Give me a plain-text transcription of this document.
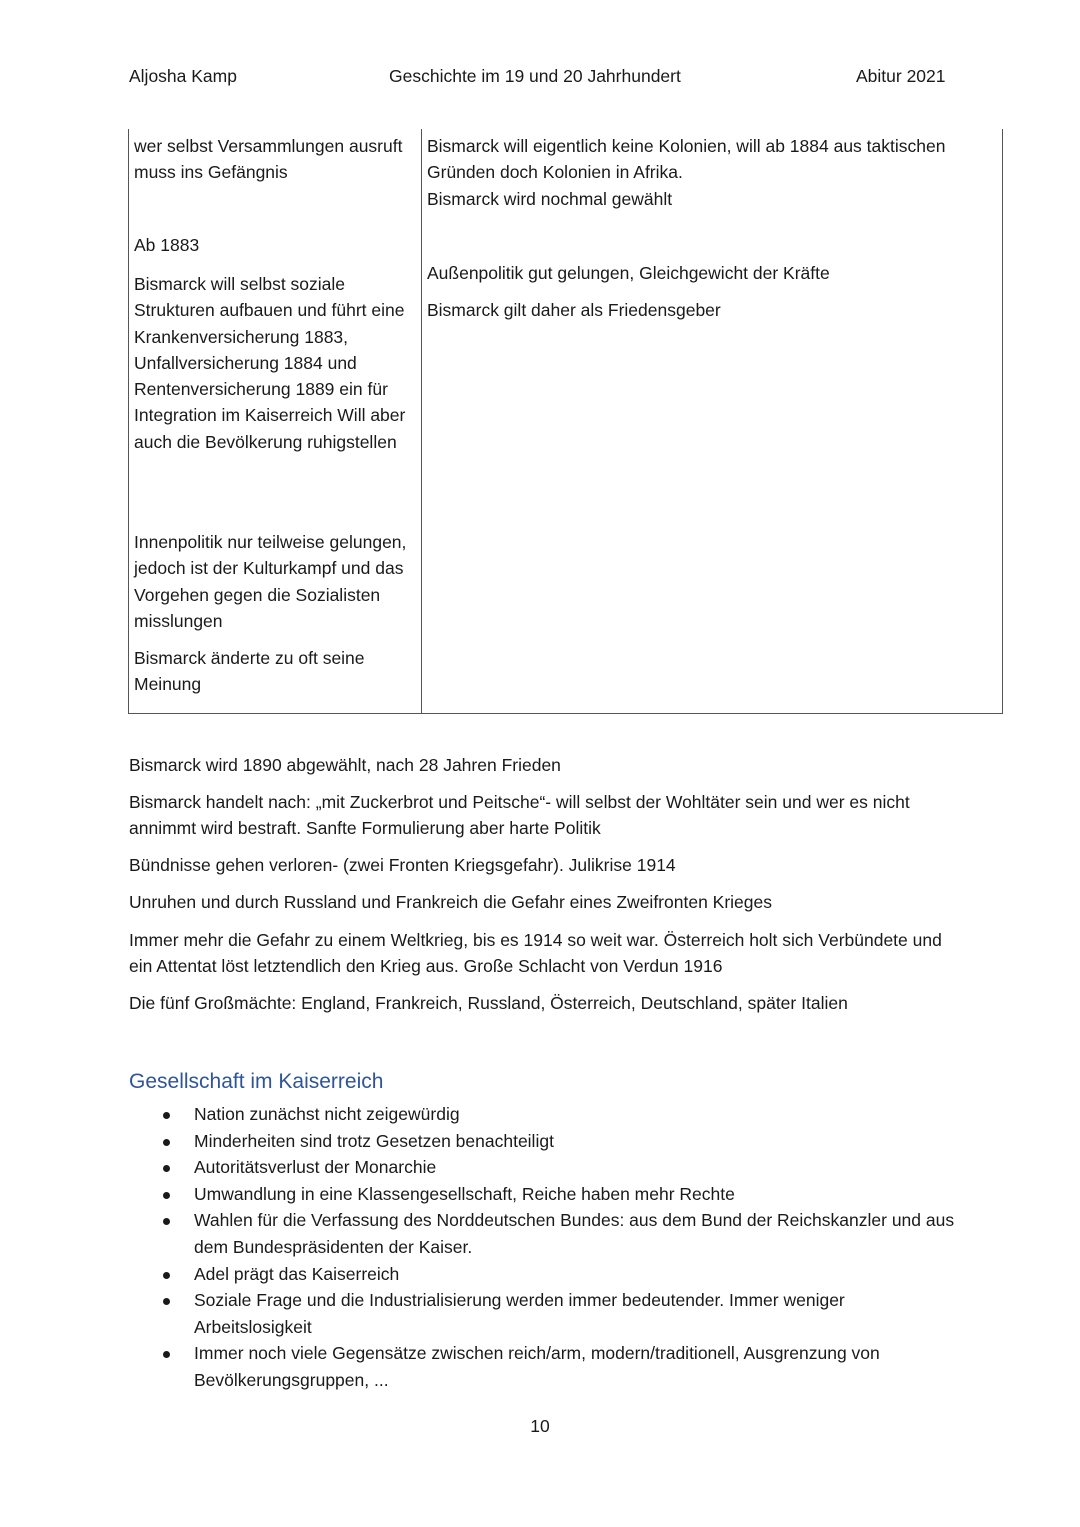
Aljosha Kamp	Geschichte im 19 und 20 Jahrhundert	Abitur 2021
wer selbst Versammlungen ausruft muss ins Gefängnis
Ab 1883
Bismarck will selbst soziale Strukturen aufbauen und führt eine Krankenversicherung 1883, Unfallversicherung 1884 und Rentenversicherung 1889 ein für Integration im Kaiserreich Will aber auch die Bevölkerung ruhigstellen
Innenpolitik nur teilweise gelungen, jedoch ist der Kulturkampf und das Vorgehen gegen die Sozialisten misslungen
Bismarck änderte zu oft seine Meinung
Bismarck will eigentlich keine Kolonien, will ab 1884 aus taktischen Gründen doch Kolonien in Afrika.
Bismarck wird nochmal gewählt
Außenpolitik gut gelungen, Gleichgewicht der Kräfte
Bismarck gilt daher als Friedensgeber

Bismarck wird 1890 abgewählt, nach 28 Jahren Frieden

Bismarck handelt nach: „mit Zuckerbrot und Peitsche“- will selbst der Wohltäter sein und wer es nicht annimmt wird bestraft. Sanfte Formulierung aber harte Politik

Bündnisse gehen verloren- (zwei Fronten Kriegsgefahr). Julikrise 1914

Unruhen und durch Russland und Frankreich die Gefahr eines Zweifronten Krieges

Immer mehr die Gefahr zu einem Weltkrieg, bis es 1914 so weit war. Österreich holt sich Verbündete und ein Attentat löst letztendlich den Krieg aus. Große Schlacht von Verdun 1916

Die fünf Großmächte: England, Frankreich, Russland, Österreich, Deutschland, später Italien

Gesellschaft im Kaiserreich
Nation zunächst nicht zeigewürdig
Minderheiten sind trotz Gesetzen benachteiligt
Autoritätsverlust der Monarchie
Umwandlung in eine Klassengesellschaft, Reiche haben mehr Rechte
Wahlen für die Verfassung des Norddeutschen Bundes: aus dem Bund der Reichskanzler und aus dem Bundespräsidenten der Kaiser.
Adel prägt das Kaiserreich
Soziale Frage und die Industrialisierung werden immer bedeutender. Immer weniger Arbeitslosigkeit
Immer noch viele Gegensätze zwischen reich/arm, modern/traditionell, Ausgrenzung von Bevölkerungsgruppen, ...
10
